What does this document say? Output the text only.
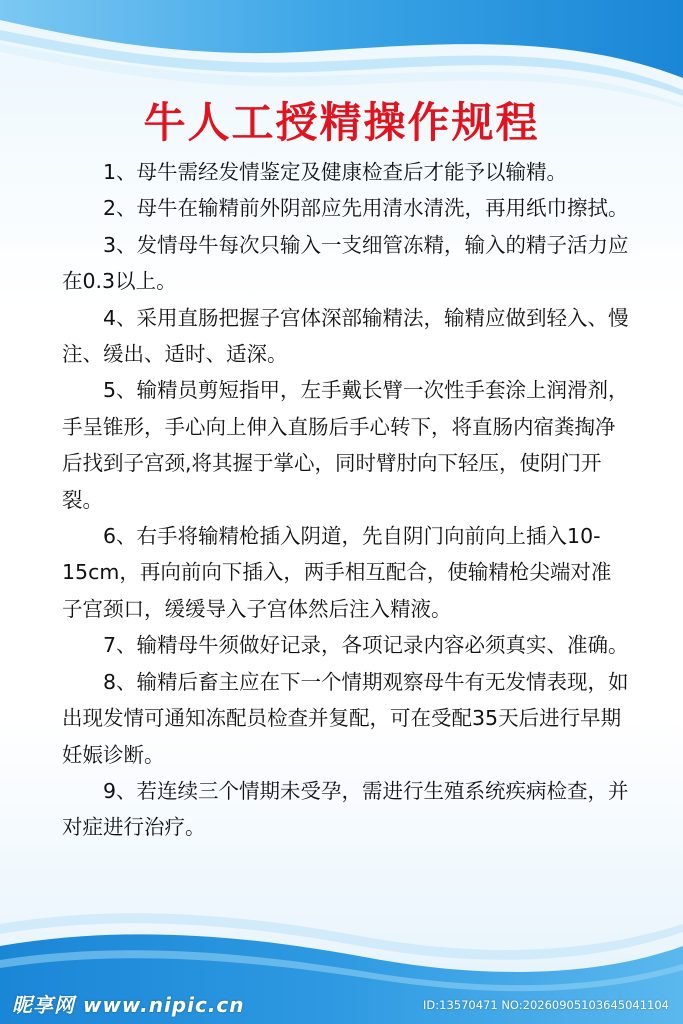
牛人工授精操作规程

1、母牛需经发情鉴定及健康检查后才能予以输精。

2、母牛在输精前外阴部应先用清水清洗，再用纸巾擦拭。

3、发情母牛每次只输入一支细管冻精，输入的精子活力应在0.3以上。

4、采用直肠把握子宫体深部输精法，输精应做到轻入、慢注、缓出、适时、适深。

5、输精员剪短指甲，左手戴长臂一次性手套涂上润滑剂，手呈锥形，手心向上伸入直肠后手心转下，将直肠内宿粪掏净后找到子宫颈,将其握于掌心，同时臂肘向下轻压，使阴门开裂。

6、右手将输精枪插入阴道，先自阴门向前向上插入10-15cm，再向前向下插入，两手相互配合，使输精枪尖端对准子宫颈口，缓缓导入子宫体然后注入精液。

7、输精母牛须做好记录，各项记录内容必须真实、准确。

8、输精后畜主应在下一个情期观察母牛有无发情表现，如出现发情可通知冻配员检查并复配，可在受配35天后进行早期妊娠诊断。

9、若连续三个情期未受孕，需进行生殖系统疾病检查，并对症进行治疗。

昵享网 www.nipic.cn	ID:13570471 NO:20260905103645041104
